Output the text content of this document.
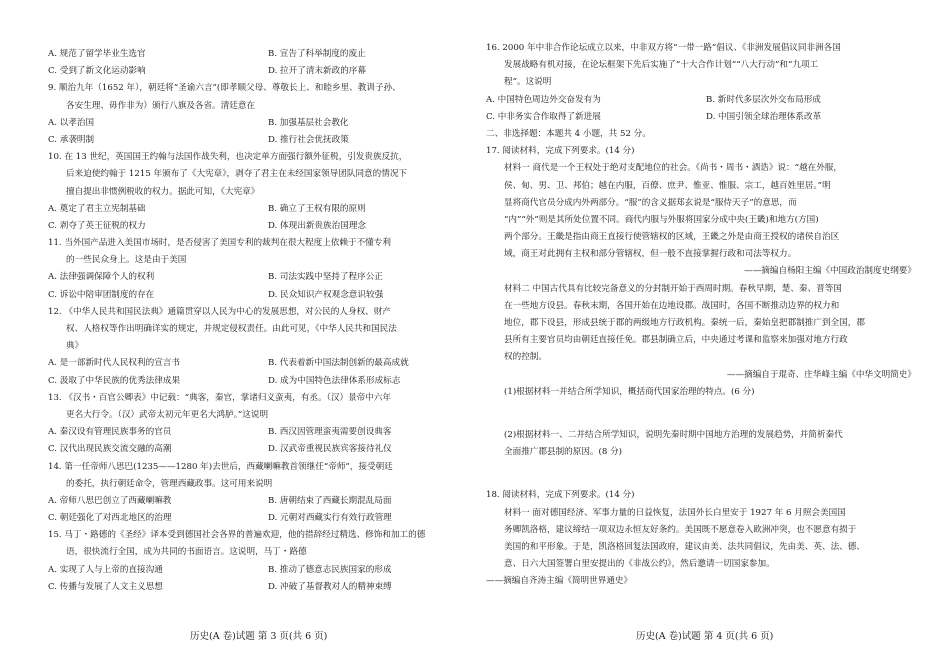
A. 规范了留学毕业生选官	B. 宣告了科举制度的废止
C. 受到了新文化运动影响	D. 拉开了清末新政的序幕
9. 顺治九年（1652 年），朝廷将“圣谕六言”(即孝顺父母、尊敬长上、和睦乡里、教训子孙、
各安生理、毋作非为）颁行八旗及各省。清廷意在
A. 以孝治国	B. 加强基层社会教化
C. 承袭明制	D. 推行社会优抚政策
10. 在 13 世纪，英国国王约翰与法国作战失利，也决定单方面强行额外征税，引发贵族反抗，
后来迫使约翰于 1215 年颁布了《大宪章》，剥夺了君主在未经国家领导团队同意的情况下
擅自提出非惯例税收的权力。据此可知，《大宪章》
A. 奠定了君主立宪制基础	B. 确立了王权有限的原则
C. 剥夺了英王征税的权力	D. 体现出新贵族治国理念
11. 当外国产品进入美国市场时，是否侵害了美国专利的裁判在很大程度上依赖于不懂专利
的一些民众身上。这是由于美国
A. 法律强调保障个人的权利	B. 司法实践中坚持了程序公正
C. 诉讼中陪审团制度的存在	D. 民众知识产权观念意识较强
12. 《中华人民共和国民法典》通篇贯穿以人民为中心的发展思想，对公民的人身权、财产
权、人格权等作出明确详实的规定，并规定侵权责任。由此可见，《中华人民共和国民法
典》
A. 是一部新时代人民权利的宣言书	B. 代表着新中国法制创新的最高成就
C. 汲取了中华民族的优秀法律成果	D. 成为中国特色法律体系形成标志
13. 《汉书・百官公卿表》中记载：“典客，秦官，掌诸归义蛮夷，有丞。（汉）景帝中六年
更名大行令。（汉）武帝太初元年更名大鸿胪。”这说明
A. 秦汉设有管理民族事务的官员	B. 西汉因管理蛮夷需要创设典客
C. 汉代出现民族交流交融的高潮	D. 汉武帝重视民族宾客接待礼仪
14. 第一任帝师八思巴(1235——1280 年)去世后，西藏喇嘛教首领继任“帝师”，接受朝廷
的委托，执行朝廷命令，管理西藏政事。这可用来说明
A. 帝师八思巴创立了西藏喇嘛教	B. 唐朝结束了西藏长期混乱局面
C. 朝廷强化了对西北地区的治理	D. 元朝对西藏实行有效行政管理
15. 马丁・路德的《圣经》译本受到德国社会各界的普遍欢迎，他的措辞经过精选、修饰和加工的德
语，很快流行全国，成为共同的书面语言。这说明，马丁・路德
A. 实现了人与上帝的直接沟通	B. 推动了德意志民族国家的形成
C. 传播与发展了人文主义思想	D. 冲破了基督教对人的精神束缚
历史(A 卷)试题 第 3 页(共 6 页)
16. 2000 年中非合作论坛成立以来，中非双方将“一带一路”倡议、《非洲发展倡议同非洲各国
发展战略有机对接，在论坛框架下先后实施了“十大合作计划”“八大行动”和“九项工
程”。这说明
A. 中国特色周边外交奋发有为	B. 新时代多层次外交布局形成
C. 中非务实合作取得了新进展	D. 中国引领全球治理体系改革
二、非选择题：本题共 4 小题，共 52 分。
17. 阅读材料，完成下列要求。(14 分)
材料一 商代是一个王权处于绝对支配地位的社会。《尚书・周书・酒诰》说：“越在外服，
侯、甸、男、卫、邦伯；越在内服，百僚、庶尹、惟亚、惟服、宗工，越百姓里居。”明
显将商代官员分成内外两部分。“服”的含义据郑玄说是“服侍天子”的意思，而
“内”“外”则是其所处位置不同。商代内服与外服将国家分成中央(王畿)和地方(方国)
两个部分。王畿是指由商王直接行使管辖权的区域，王畿之外是由商王授权的诸侯自治区
域，商王对此拥有主权和部分管辖权，但一般不直接掌握行政和司法等权力。
——摘编自杨阳主编《中国政治制度史纲要》
材料二 中国古代具有比较完备意义的分封制开始于西周时期。春秋早期，楚、秦、晋等国
在一些地方设县。春秋末期，各国开始在边地设郡。战国时，各国不断推动边界的权力和
地位，郡下设县，形成县统于郡的两级地方行政机构。秦统一后，秦始皇把郡制推广到全国，郡
县所有主要官员均由朝廷直接任免。郡县制确立后，中央通过考课和监察来加强对地方行政
权的控制。
——摘编自于琨奇、庄华峰主编《中华文明简史》
(1)根据材料一并结合所学知识，概括商代国家治理的特点。(6 分)
(2)根据材料一、二并结合所学知识，说明先秦时期中国地方治理的发展趋势，并简析秦代
全面推广郡县制的原因。(8 分)
18. 阅读材料，完成下列要求。(14 分)
材料一 面对德国经济、军事力量的日益恢复，法国外长白里安于 1927 年 6 月照会美国国
务卿凯洛格，建议缔结一项双边永恒友好条约。美国既不愿意卷入欧洲冲突，也不愿意有损于
美国的和平形象。于是，凯洛格回复法国政府，建议由美、法共同倡议，先由美、英、法、德、
意、日六大国签署白里安提出的《非战公约》，然后邀请一切国家参加。
——摘编自齐涛主编《简明世界通史》
历史(A 卷)试题 第 4 页(共 6 页)
